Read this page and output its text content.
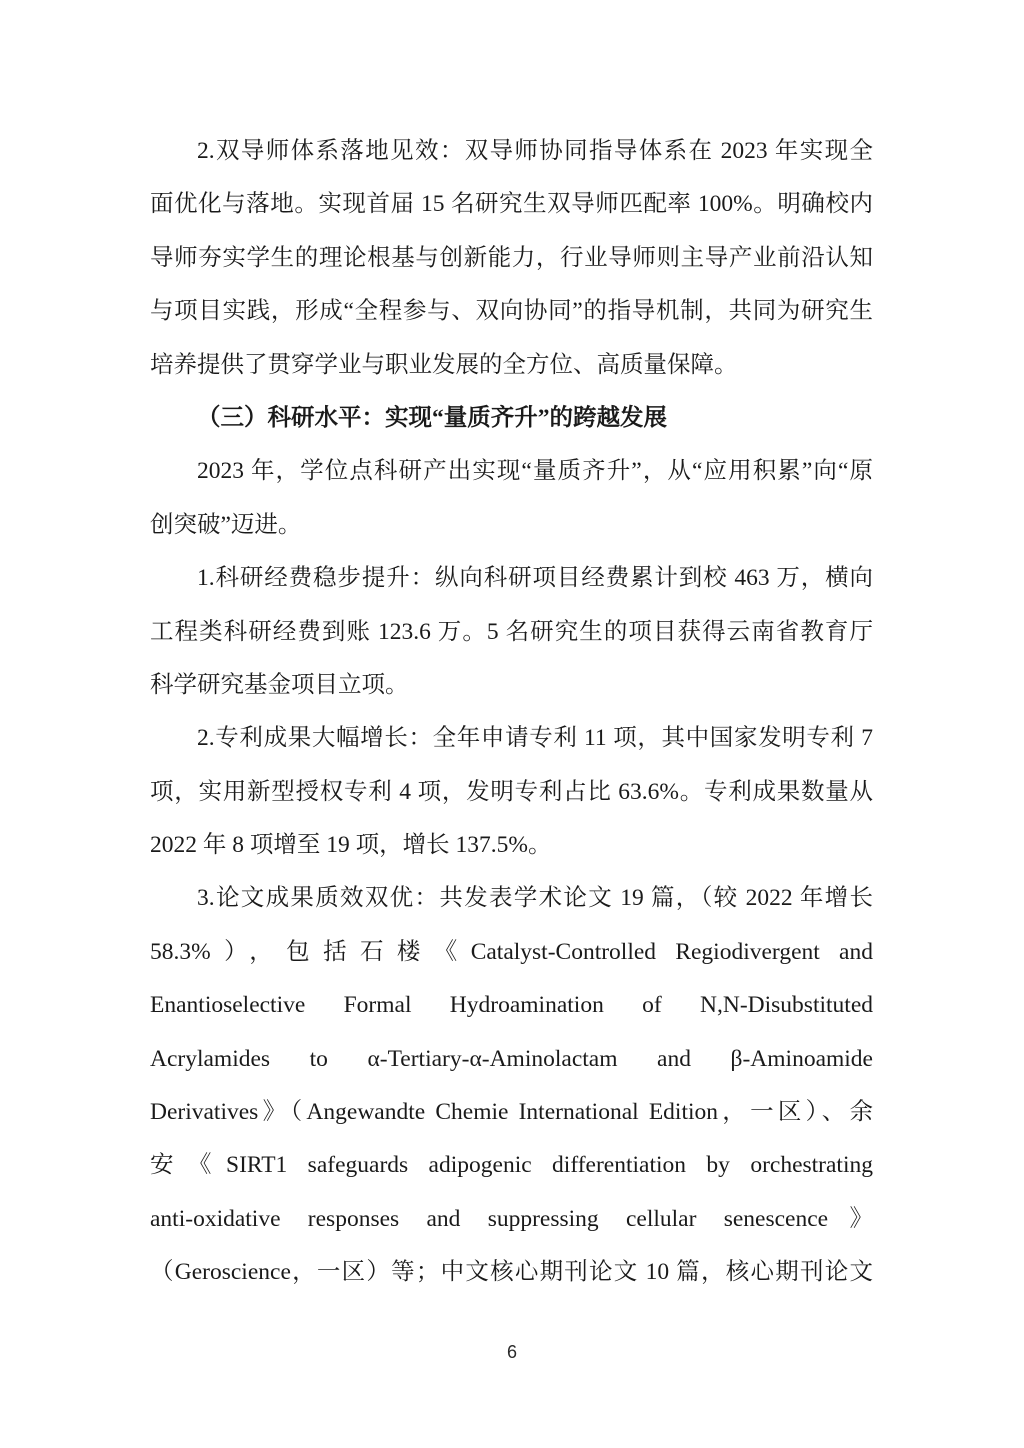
2.双导师体系落地见效：双导师协同指导体系在 2023 年实现全
面优化与落地。实现首届 15 名研究生双导师匹配率 100%。明确校内
导师夯实学生的理论根基与创新能力，行业导师则主导产业前沿认知
与项目实践，形成“全程参与、双向协同”的指导机制，共同为研究生
培养提供了贯穿学业与职业发展的全方位、高质量保障。
（三）科研水平：实现“量质齐升”的跨越发展
2023 年，学位点科研产出实现“量质齐升”，从“应用积累”向“原
创突破”迈进。
1.科研经费稳步提升：纵向科研项目经费累计到校 463 万，横向
工程类科研经费到账 123.6 万。5 名研究生的项目获得云南省教育厅
科学研究基金项目立项。
2.专利成果大幅增长：全年申请专利 11 项，其中国家发明专利 7
项，实用新型授权专利 4 项，发明专利占比 63.6%。专利成果数量从
2022 年 8 项增至 19 项，增长 137.5%。
3.论文成果质效双优：共发表学术论文 19 篇，（较 2022 年增长
58.3%），包括石楼《Catalyst-Controlled Regiodivergent and
Enantioselective Formal Hydroamination of N,N-Disubstituted
Acrylamides to α-Tertiary-α-Aminolactam and β-Aminoamide
Derivatives》（Angewandte Chemie International Edition，一区）、余
安《SIRT1 safeguards adipogenic differentiation by orchestrating
anti-oxidative responses and suppressing cellular senescence》
（Geroscience，一区）等；中文核心期刊论文 10 篇，核心期刊论文
6
